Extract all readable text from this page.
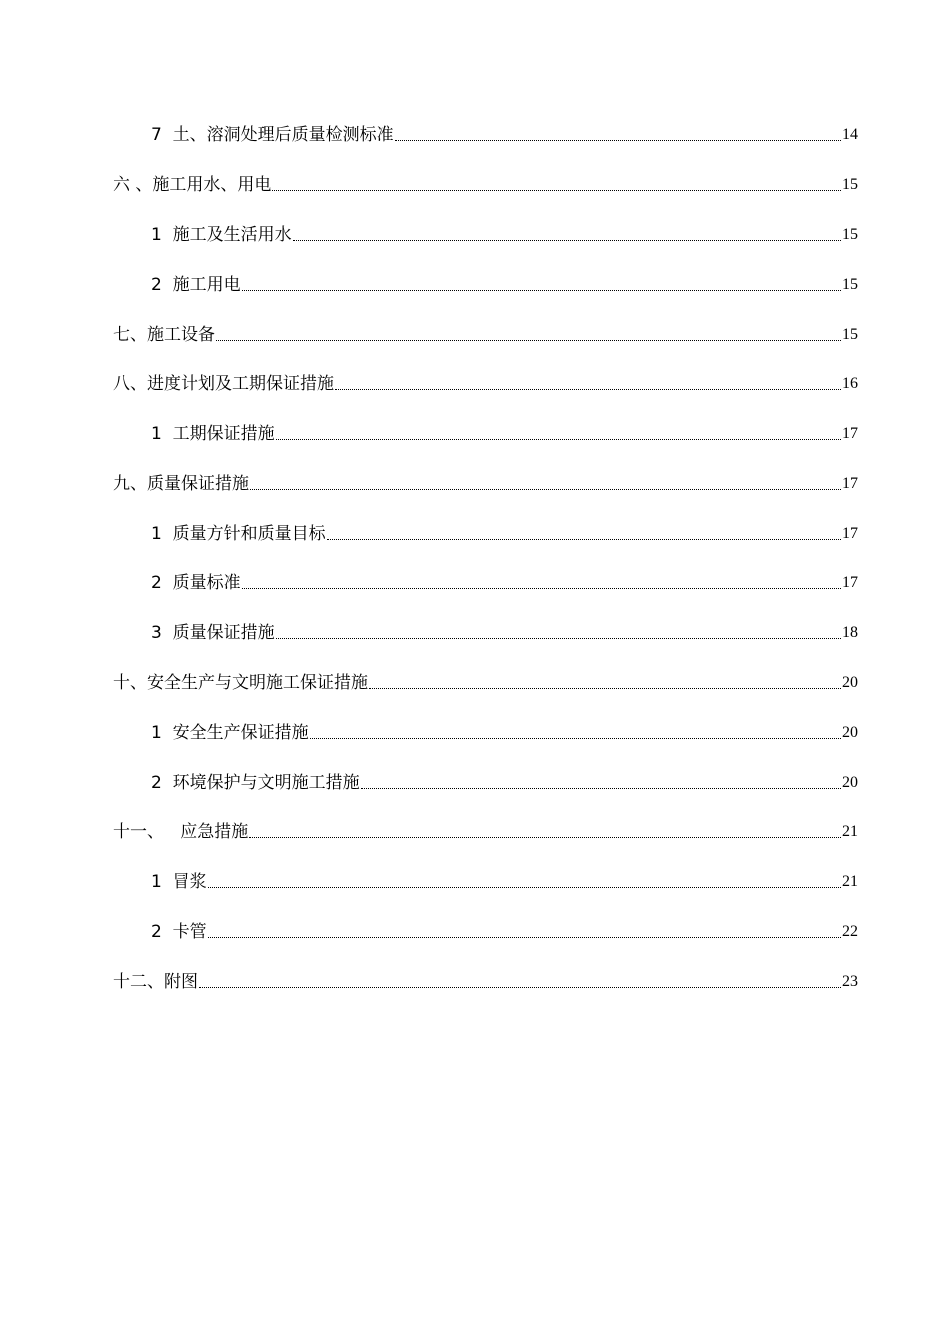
7  土、溶洞处理后质量检测标准	14
六 、施工用水、用电	15
1  施工及生活用水	15
2  施工用电	15
七、施工设备	15
八、进度计划及工期保证措施	16
1  工期保证措施	17
九、质量保证措施	17
1  质量方针和质量目标	17
2  质量标准	17
3  质量保证措施	18
十、安全生产与文明施工保证措施	20
1  安全生产保证措施	20
2  环境保护与文明施工措施	20
十一、   应急措施	21
1  冒浆	21
2  卡管	22
十二、附图	23
